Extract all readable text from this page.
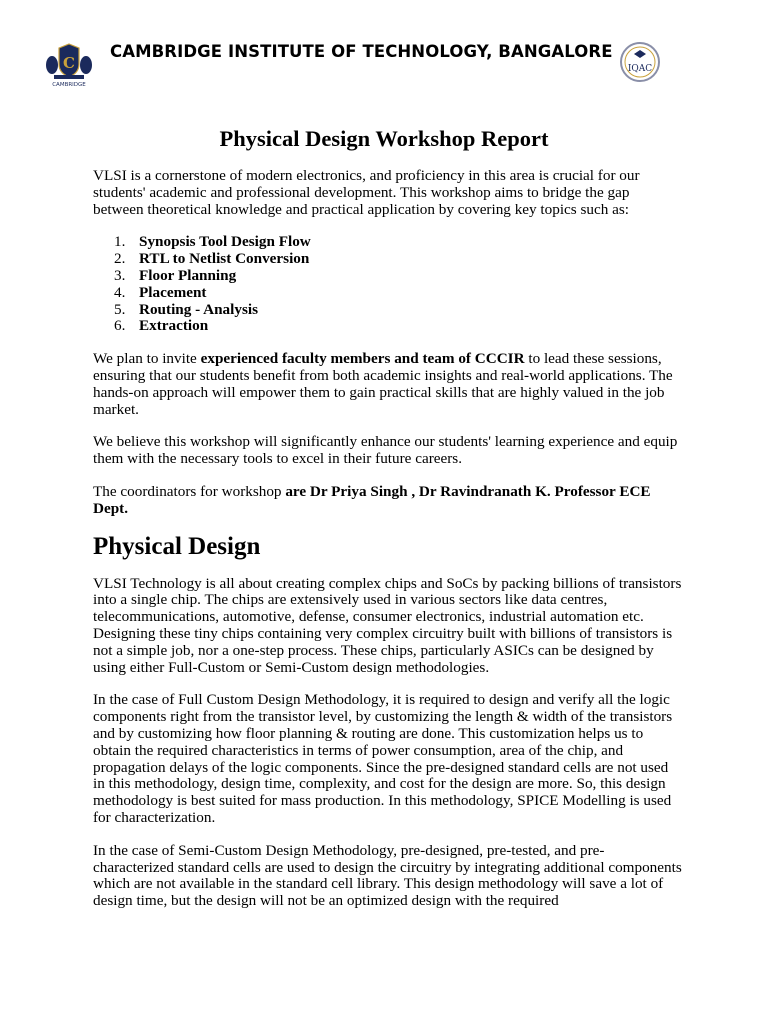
C
CAMBRIDGE
CAMBRIDGE INSTITUTE OF TECHNOLOGY, BANGALORE
IQAC
Physical Design Workshop Report

VLSI is a cornerstone of modern electronics, and proficiency in this area is crucial for our students' academic and professional development. This workshop aims to bridge the gap between theoretical knowledge and practical application by covering key topics such as:

1. Synopsis Tool Design Flow
2. RTL to Netlist Conversion
3. Floor Planning
4. Placement
5. Routing - Analysis
6. Extraction

We plan to invite experienced faculty members and team of CCCIR to lead these sessions, ensuring that our students benefit from both academic insights and real-world applications. The hands-on approach will empower them to gain practical skills that are highly valued in the job market.

We believe this workshop will significantly enhance our students' learning experience and equip them with the necessary tools to excel in their future careers.

The coordinators for workshop are Dr Priya Singh , Dr Ravindranath K. Professor ECE Dept.

Physical Design

VLSI Technology is all about creating complex chips and SoCs by packing billions of transistors into a single chip. The chips are extensively used in various sectors like data centres, telecommunications, automotive, defense, consumer electronics, industrial automation etc. Designing these tiny chips containing very complex circuitry built with billions of transistors is not a simple job, nor a one-step process. These chips, particularly ASICs can be designed by using either Full-Custom or Semi-Custom design methodologies.

In the case of Full Custom Design Methodology, it is required to design and verify all the logic components right from the transistor level, by customizing the length & width of the transistors and by customizing how floor planning & routing are done. This customization helps us to obtain the required characteristics in terms of power consumption, area of the chip, and propagation delays of the logic components. Since the pre-designed standard cells are not used in this methodology, design time, complexity, and cost for the design are more. So, this design methodology is best suited for mass production. In this methodology, SPICE Modelling is used for characterization.

In the case of Semi-Custom Design Methodology, pre-designed, pre-tested, and pre-characterized standard cells are used to design the circuitry by integrating additional components which are not available in the standard cell library. This design methodology will save a lot of design time, but the design will not be an optimized design with the required
